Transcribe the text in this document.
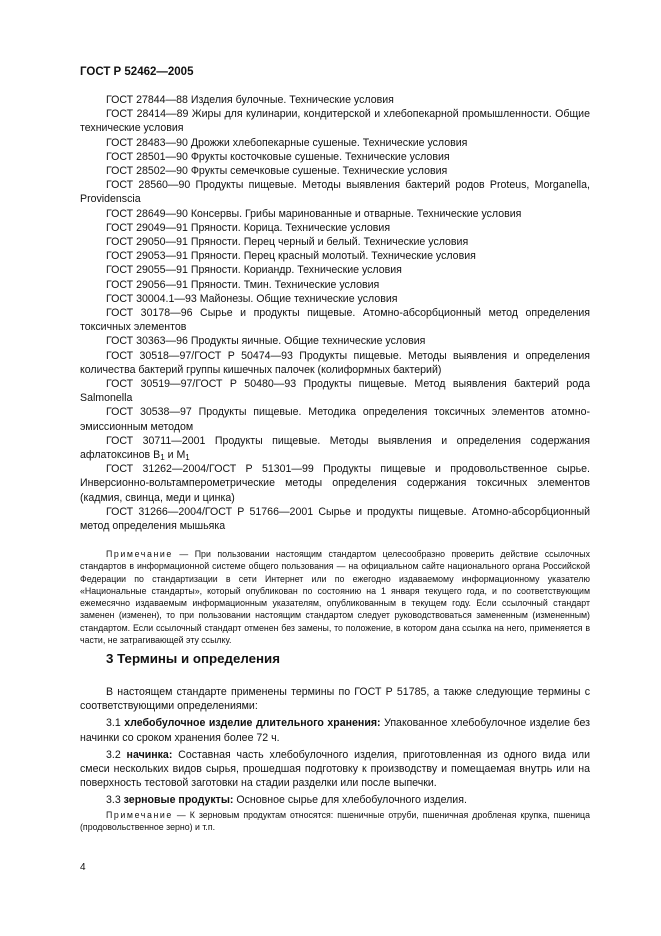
ГОСТ Р 52462—2005

ГОСТ 27844—88 Изделия булочные. Технические условия

ГОСТ 28414—89 Жиры для кулинарии, кондитерской и хлебопекарной промышленности. Общие технические условия

ГОСТ 28483—90 Дрожжи хлебопекарные сушеные. Технические условия

ГОСТ 28501—90 Фрукты косточковые сушеные. Технические условия

ГОСТ 28502—90 Фрукты семечковые сушеные. Технические условия

ГОСТ 28560—90 Продукты пищевые. Методы выявления бактерий родов Proteus, Morganella, Providenscia

ГОСТ 28649—90 Консервы. Грибы маринованные и отварные. Технические условия

ГОСТ 29049—91 Пряности. Корица. Технические условия

ГОСТ 29050—91 Пряности. Перец черный и белый. Технические условия

ГОСТ 29053—91 Пряности. Перец красный молотый. Технические условия

ГОСТ 29055—91 Пряности. Кориандр. Технические условия

ГОСТ 29056—91 Пряности. Тмин. Технические условия

ГОСТ 30004.1—93 Майонезы. Общие технические условия

ГОСТ 30178—96 Сырье и продукты пищевые. Атомно-абсорбционный метод определения токсичных элементов

ГОСТ 30363—96 Продукты яичные. Общие технические условия

ГОСТ 30518—97/ГОСТ Р 50474—93 Продукты пищевые. Методы выявления и определения количества бактерий группы кишечных палочек (колиформных бактерий)

ГОСТ 30519—97/ГОСТ Р 50480—93 Продукты пищевые. Метод выявления бактерий рода Salmonella

ГОСТ 30538—97 Продукты пищевые. Методика определения токсичных элементов атомно-эмиссионным методом

ГОСТ 30711—2001 Продукты пищевые. Методы выявления и определения содержания афлатоксинов $B_1$ и $M_1$

ГОСТ 31262—2004/ГОСТ Р 51301—99 Продукты пищевые и продовольственное сырье. Инверсионно-вольтамперометрические методы определения содержания токсичных элементов (кадмия, свинца, меди и цинка)

ГОСТ 31266—2004/ГОСТ Р 51766—2001 Сырье и продукты пищевые. Атомно-абсорбционный метод определения мышьяка

Примечание — При пользовании настоящим стандартом целесообразно проверить действие ссылочных стандартов в информационной системе общего пользования — на официальном сайте национального органа Российской Федерации по стандартизации в сети Интернет или по ежегодно издаваемому информационному указателю «Национальные стандарты», который опубликован по состоянию на 1 января текущего года, и по соответствующим ежемесячно издаваемым информационным указателям, опубликованным в текущем году. Если ссылочный стандарт заменен (изменен), то при пользовании настоящим стандартом следует руководствоваться замененным (измененным) стандартом. Если ссылочный стандарт отменен без замены, то положение, в котором дана ссылка на него, применяется в части, не затрагивающей эту ссылку.

3 Термины и определения

В настоящем стандарте применены термины по ГОСТ Р 51785, а также следующие термины с соответствующими определениями:

3.1 хлебобулочное изделие длительного хранения: Упакованное хлебобулочное изделие без начинки со сроком хранения более 72 ч.

3.2 начинка: Составная часть хлебобулочного изделия, приготовленная из одного вида или смеси нескольких видов сырья, прошедшая подготовку к производству и помещаемая внутрь или на поверхность тестовой заготовки на стадии разделки или после выпечки.

3.3 зерновые продукты: Основное сырье для хлебобулочного изделия.

Примечание — К зерновым продуктам относятся: пшеничные отруби, пшеничная дробленая крупка, пшеница (продовольственное зерно) и т.п.

4
